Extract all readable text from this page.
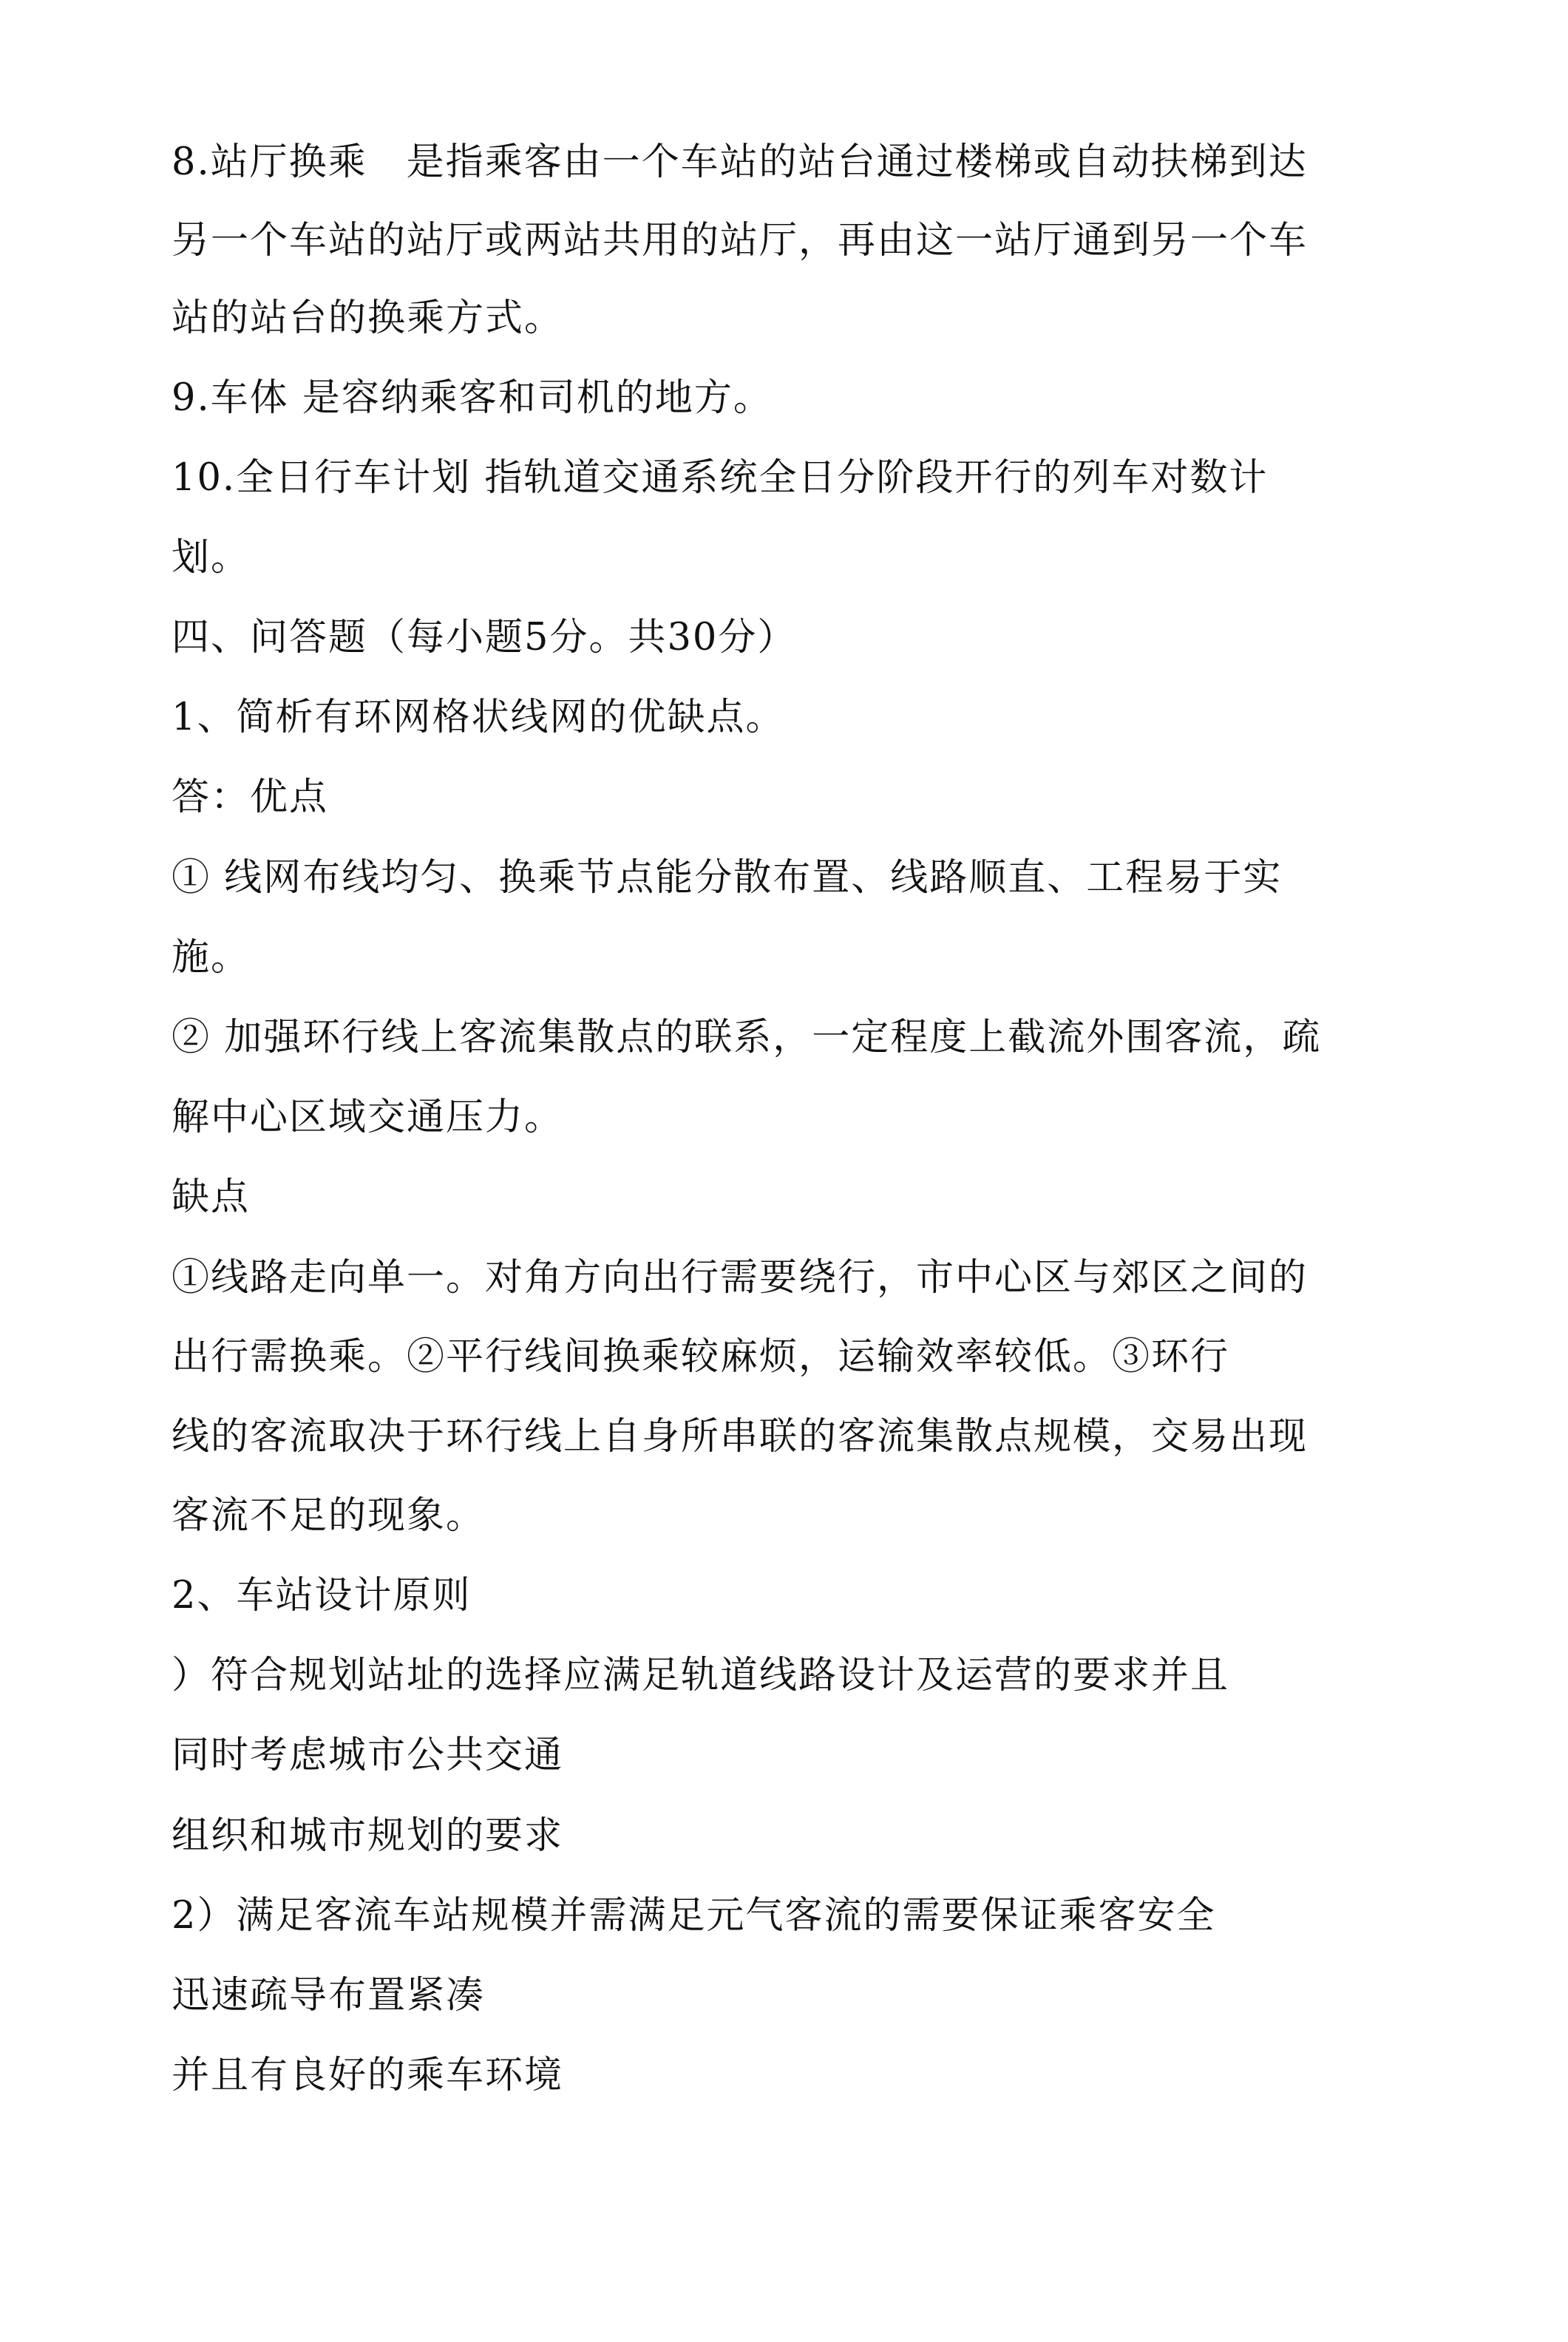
8.站厅换乘　是指乘客由一个车站的站台通过楼梯或自动扶梯到达
另一个车站的站厅或两站共用的站厅，再由这一站厅通到另一个车
站的站台的换乘方式。
9.车体 是容纳乘客和司机的地方。
10.全日行车计划 指轨道交通系统全日分阶段开行的列车对数计
划。
四、问答题（每小题5分。共30分）
1、简析有环网格状线网的优缺点。
答：优点
① 线网布线均匀、换乘节点能分散布置、线路顺直、工程易于实
施。
② 加强环行线上客流集散点的联系，一定程度上截流外围客流，疏
解中心区域交通压力。
缺点
①线路走向单一。对角方向出行需要绕行，市中心区与郊区之间的
出行需换乘。②平行线间换乘较麻烦，运输效率较低。③环行
线的客流取决于环行线上自身所串联的客流集散点规模，交易出现
客流不足的现象。
2、车站设计原则
）符合规划站址的选择应满足轨道线路设计及运营的要求并且
同时考虑城市公共交通
组织和城市规划的要求
2）满足客流车站规模并需满足元气客流的需要保证乘客安全
迅速疏导布置紧凑
并且有良好的乘车环境
